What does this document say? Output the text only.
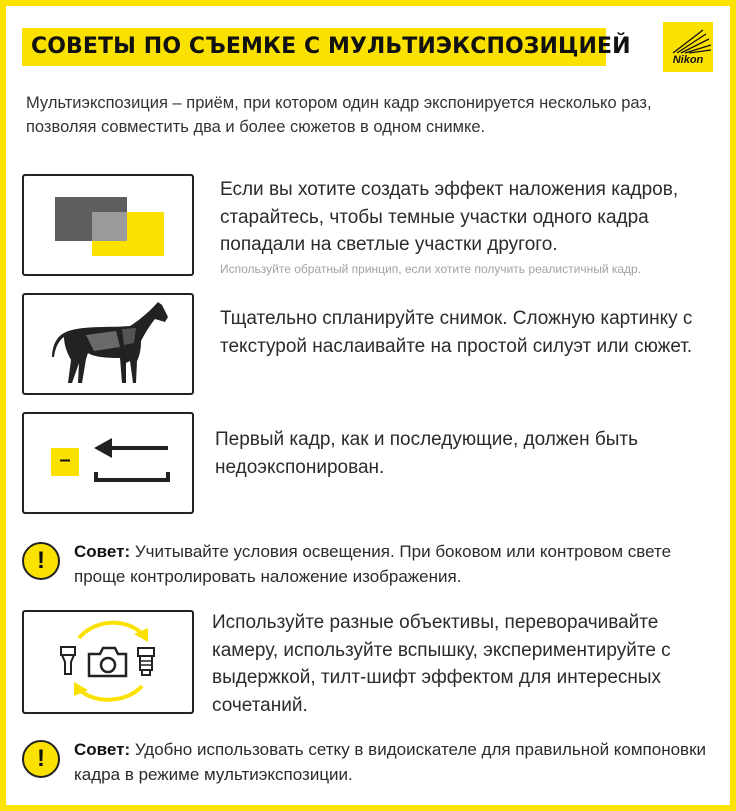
СОВЕТЫ ПО СЪЕМКЕ С МУЛЬТИЭКСПОЗИЦИЕЙ
Nikon
Мультиэкспозиция – приём, при котором один кадр экспонируется несколько раз, позволяя совместить два и более сюжетов в одном снимке.
Если вы хотите создать эффект наложения кадров, старайтесь, чтобы темные участки одного кадра попадали на светлые участки другого.
Используйте обратный принцип, если хотите получить реалистичный кадр.
Тщательно спланируйте снимок. Сложную картинку с текстурой наслаивайте на простой силуэт или сюжет.
–
Первый кадр, как и последующие, должен быть недоэкспонирован.
!	Совет: Учитывайте условия освещения. При боковом или контровом свете проще контролировать наложение изображения.
Используйте разные объективы, переворачивайте камеру, используйте вспышку, экспериментируйте с выдержкой, тилт-шифт эффектом для интересных сочетаний.
!	Совет: Удобно использовать сетку в видоискателе для правильной компоновки кадра в режиме мультиэкспозиции.
